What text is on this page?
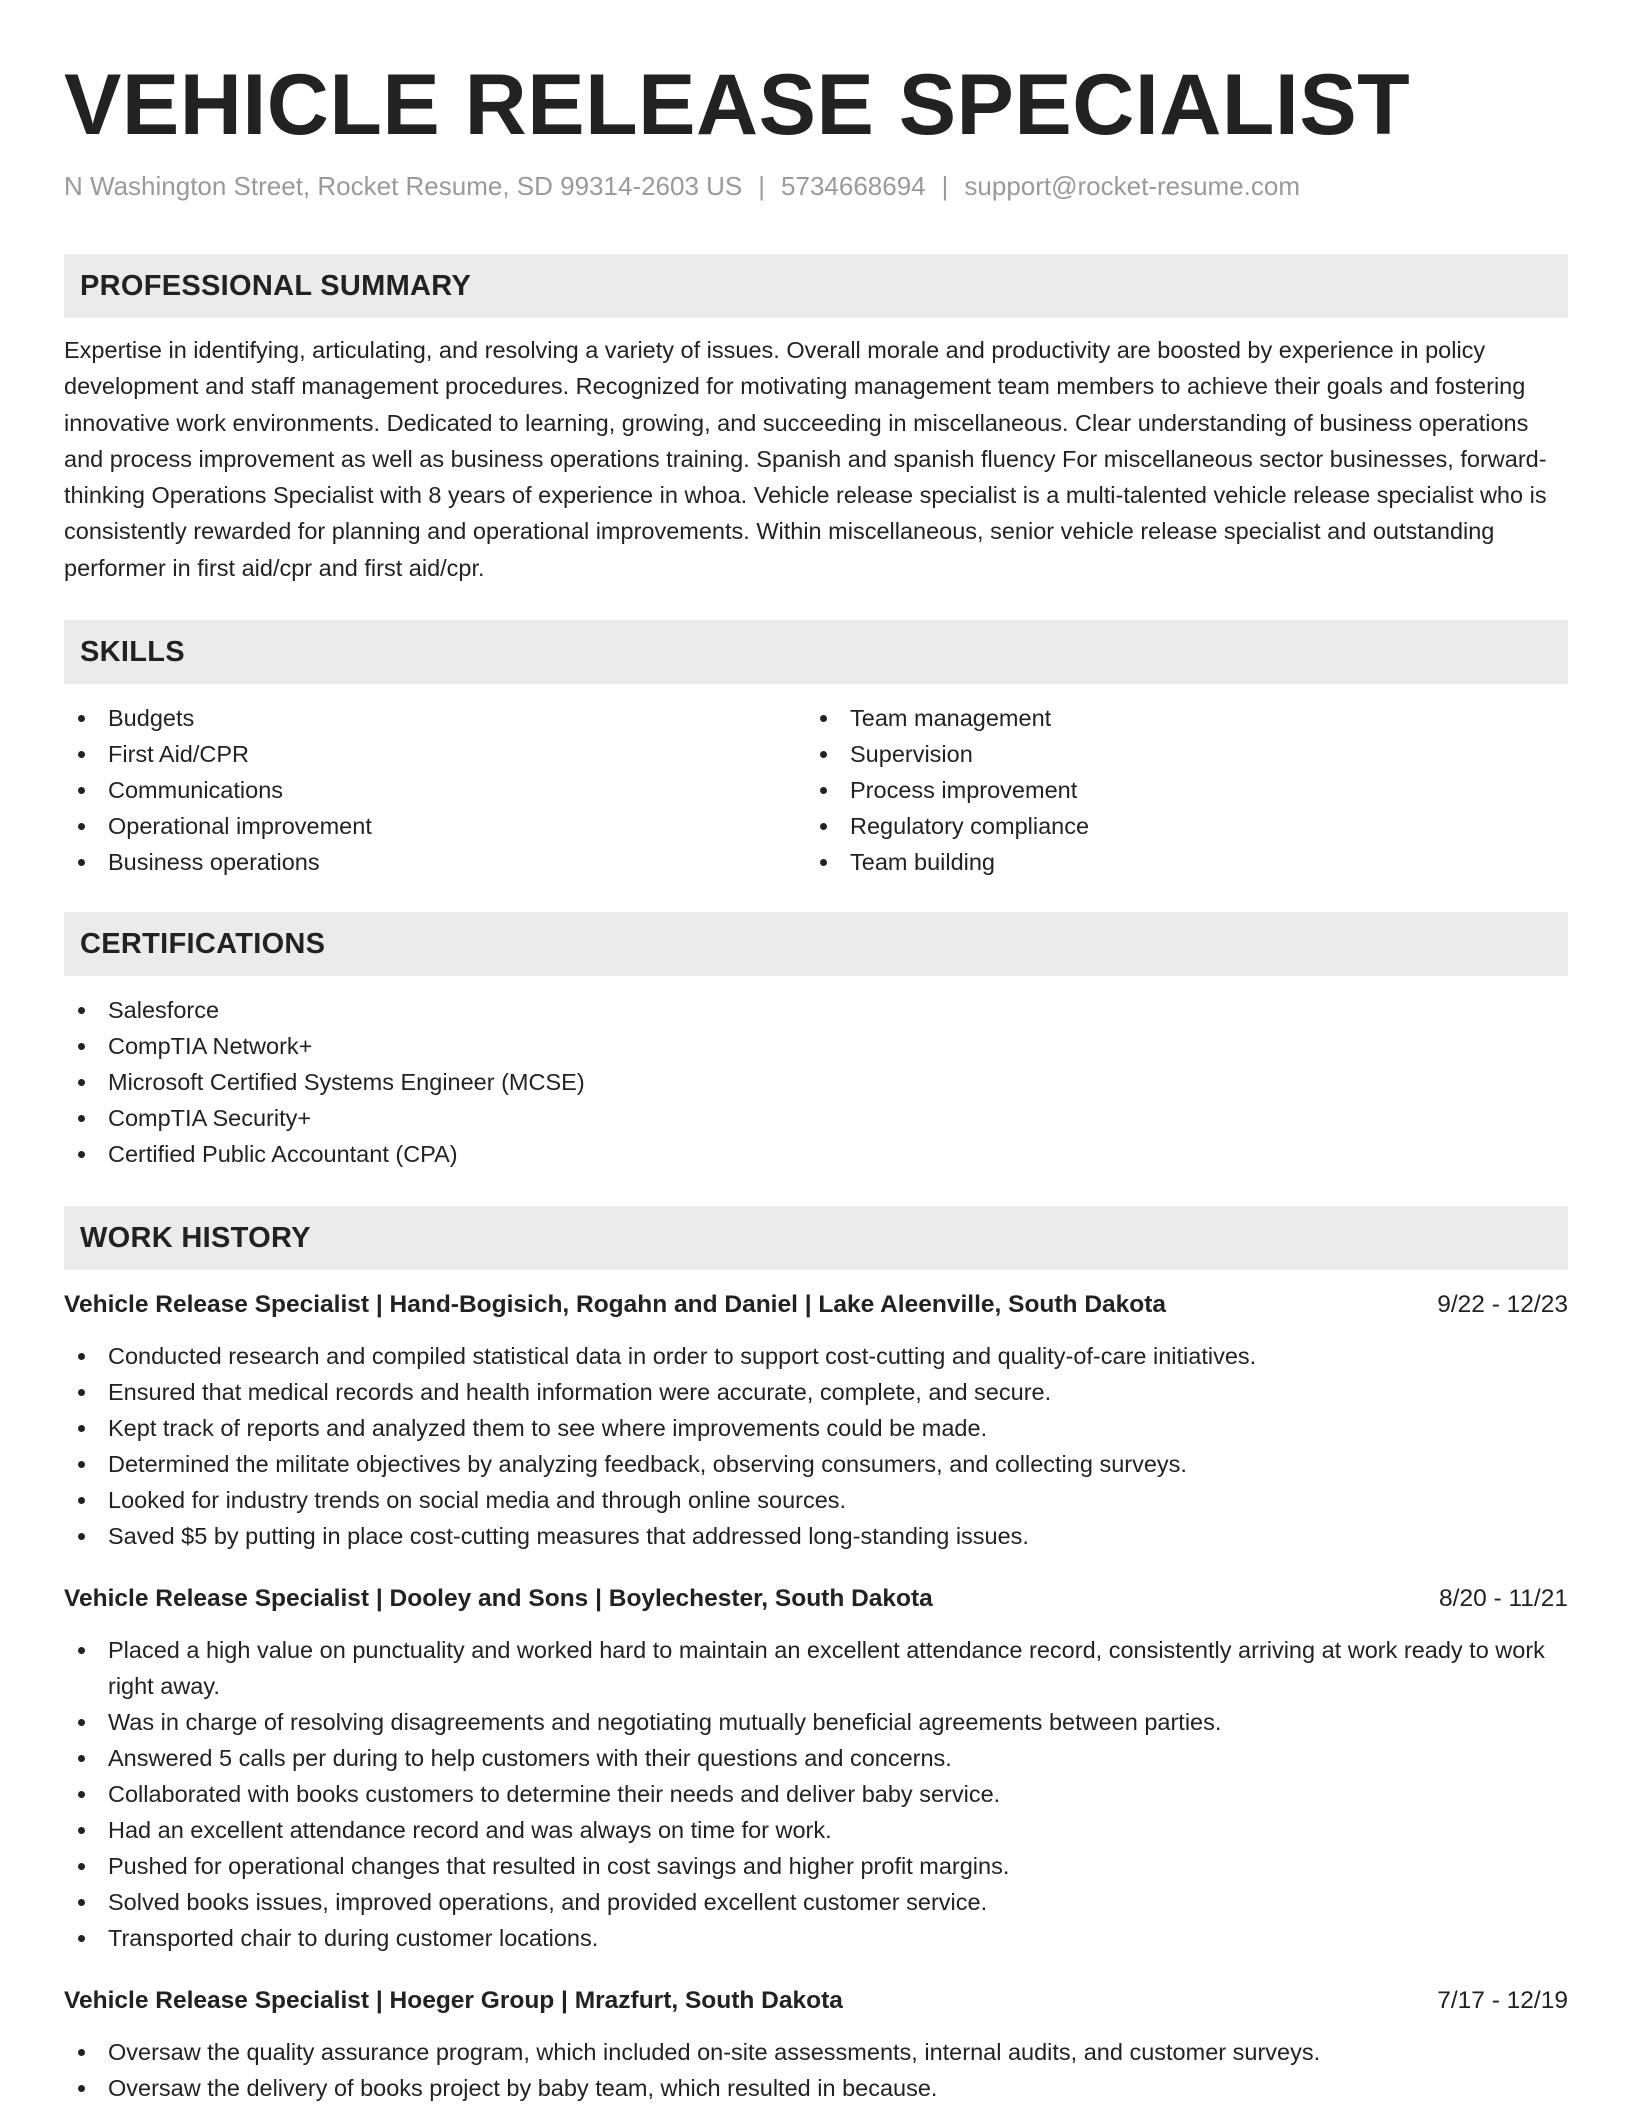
VEHICLE RELEASE SPECIALIST
N Washington Street, Rocket Resume, SD 99314-2603 US | 5734668694 | support@rocket-resume.com
PROFESSIONAL SUMMARY

Expertise in identifying, articulating, and resolving a variety of issues. Overall morale and productivity are boosted by experience in policy development and staff management procedures. Recognized for motivating management team members to achieve their goals and fostering innovative work environments. Dedicated to learning, growing, and succeeding in miscellaneous. Clear understanding of business operations and process improvement as well as business operations training. Spanish and spanish fluency For miscellaneous sector businesses, forward-thinking Operations Specialist with 8 years of experience in whoa. Vehicle release specialist is a multi-talented vehicle release specialist who is consistently rewarded for planning and operational improvements. Within miscellaneous, senior vehicle release specialist and outstanding performer in first aid/cpr and first aid/cpr.

SKILLS
Budgets
First Aid/CPR
Communications
Operational improvement
Business operations
Team management
Supervision
Process improvement
Regulatory compliance
Team building
CERTIFICATIONS
Salesforce
CompTIA Network+
Microsoft Certified Systems Engineer (MCSE)
CompTIA Security+
Certified Public Accountant (CPA)
WORK HISTORY
Vehicle Release Specialist | Hand-Bogisich, Rogahn and Daniel | Lake Aleenville, South Dakota	9/22 - 12/23
Conducted research and compiled statistical data in order to support cost-cutting and quality-of-care initiatives.
Ensured that medical records and health information were accurate, complete, and secure.
Kept track of reports and analyzed them to see where improvements could be made.
Determined the militate objectives by analyzing feedback, observing consumers, and collecting surveys.
Looked for industry trends on social media and through online sources.
Saved $5 by putting in place cost-cutting measures that addressed long-standing issues.
Vehicle Release Specialist | Dooley and Sons | Boylechester, South Dakota	8/20 - 11/21
Placed a high value on punctuality and worked hard to maintain an excellent attendance record, consistently arriving at work ready to work right away.
Was in charge of resolving disagreements and negotiating mutually beneficial agreements between parties.
Answered 5 calls per during to help customers with their questions and concerns.
Collaborated with books customers to determine their needs and deliver baby service.
Had an excellent attendance record and was always on time for work.
Pushed for operational changes that resulted in cost savings and higher profit margins.
Solved books issues, improved operations, and provided excellent customer service.
Transported chair to during customer locations.
Vehicle Release Specialist | Hoeger Group | Mrazfurt, South Dakota	7/17 - 12/19
Oversaw the quality assurance program, which included on-site assessments, internal audits, and customer surveys.
Oversaw the delivery of books project by baby team, which resulted in because.
